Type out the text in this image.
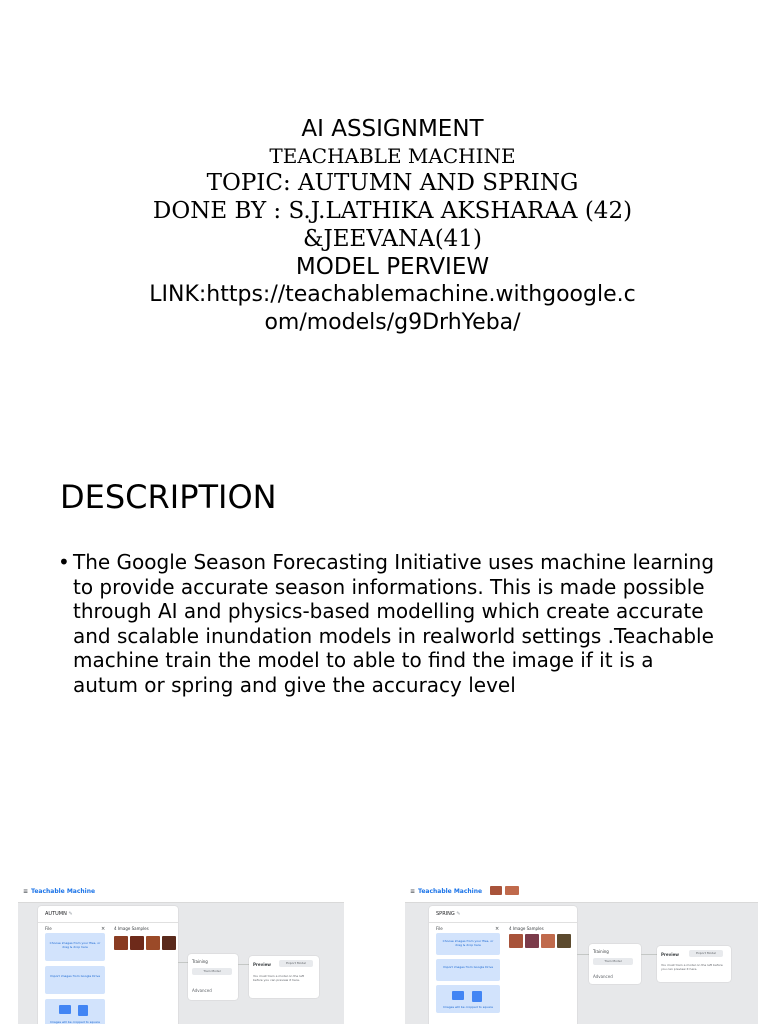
AI ASSIGNMENT
TEACHABLE MACHINE
TOPIC: AUTUMN AND SPRING
DONE BY : S.J.LATHIKA AKSHARAA (42)
&JEEVANA(41)
MODEL PERVIEW
LINK:https://teachablemachine.withgoogle.c
om/models/g9DrhYeba/
DESCRIPTION
• The Google Season Forecasting Initiative uses machine learning to provide accurate season informations. This is made possible through AI and physics-based modelling which create accurate and scalable inundation models in realworld settings .Teachable machine train the model to able to find the image if it is a autum or spring and give the accuracy level
≡ Teachable Machine
AUTUMN ✎
File	×
Choose images from your files, or drag & drop here
Import images from Google Drive
Images will be cropped to square
4 Image Samples
Training
Train Model
Advanced
Preview	Export Model
You must train a model on the left before you can preview it here.
≡ Teachable Machine
SPRING ✎
File	×
Choose images from your files, or drag & drop here
Import images from Google Drive
Images will be cropped to square
4 Image Samples
Training
Train Model
Advanced
Preview	Export Model
You must train a model on the left before you can preview it here.
